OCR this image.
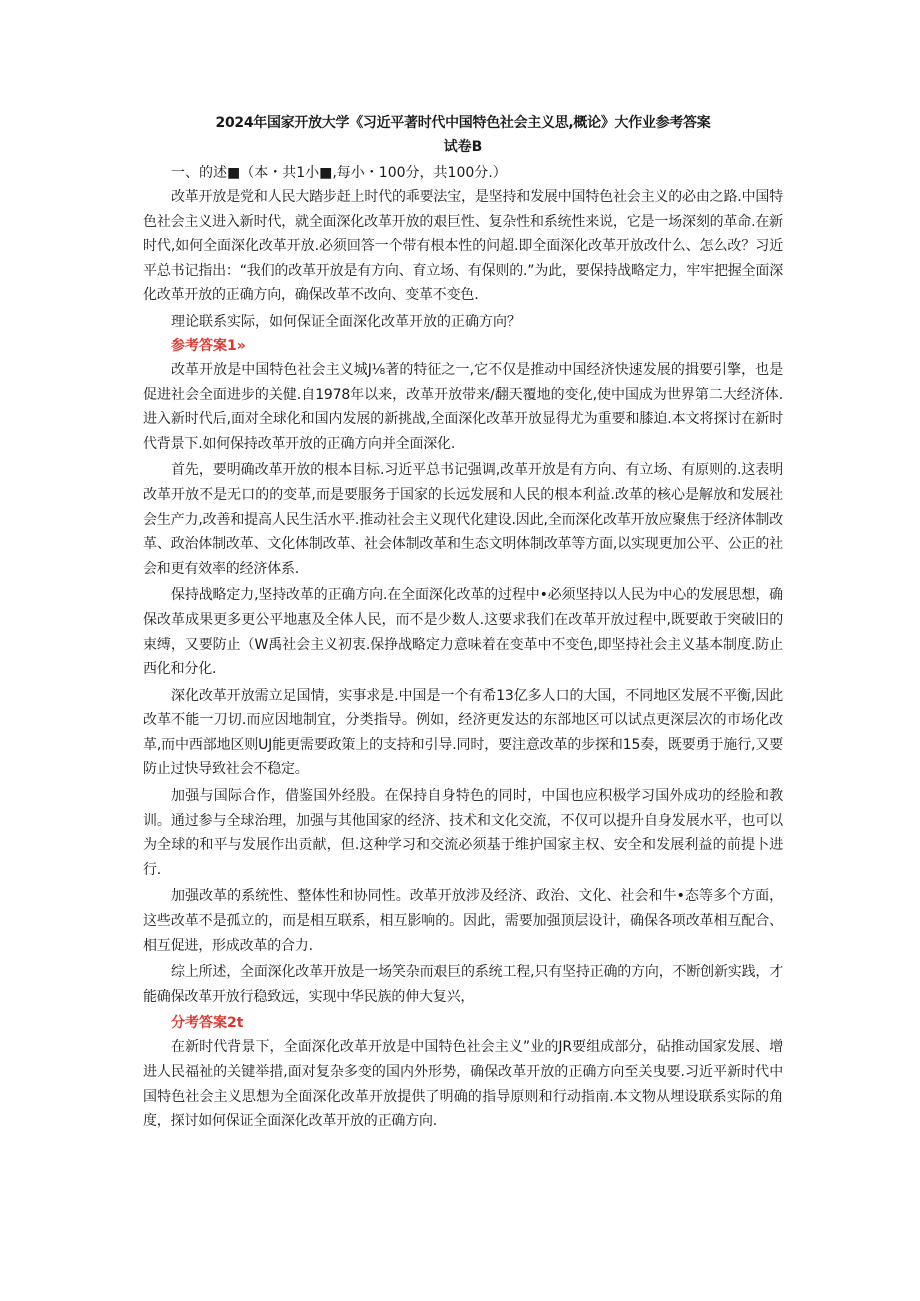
2024年国家开放大学《习近平著时代中国特色社会主义思,概论》大作业参考答案
试卷B
一、的述■（本・共1小■,每小・100分，共100分.）

改革开放是党和人民大踏步赶上时代的乖要法宝，是坚持和发展中国特色社会主义的必由之路.中国特色社会主义进入新时代，就全面深化改革开放的艰巨性、复杂性和系统性来说，它是一场深刻的革命.在新时代,如何全面深化改革开放.必须回答一个带有根本性的问超.即全面深化改革开放改什么、怎么改？习近平总书记指出：“我们的改革开放是有方向、育立场、有保则的.”为此，要保持战略定力，牢牢把握全面深化改革开放的正确方向，确保改革不改向、变革不变色.

理论联系实际，如何保证全面深化改革开放的正确方向？
参考答案1»

改革开放是中国特色社会主义城J⅛著的特征之一,它不仅是推动中国经济快速发展的揖要引擎，也是促进社会全面进步的关健.自1978年以来，改革开放带来/翻天覆地的变化,使中国成为世界第二大经济体.进入新时代后,面对全球化和国内发展的新挑战,全面深化改革开放显得尤为重要和膝迫.本文将探讨在新时代背景下.如何保持改革开放的正确方向并全面深化.

首先，要明确改革开放的根本目标.习近平总书记强调,改革开放是有方向、有立场、有原则的.这表明改革开放不是无口的的变革,而是要服务于国家的长远发展和人民的根本利益.改革的核心是解放和发展社会生产力,改善和提高人民生活水平.推动社会主义现代化建设.因此,全而深化改革开放应聚焦于经济体制改革、政治体制改革、文化体制改革、社会体制改革和生态文明体制改革等方面,以实现更加公平、公正的社会和更有效率的经济体系.

保持战略定力,坚持改革的正确方向.在全面深化改革的过程中•必须坚持以人民为中心的发展思想，确保改革成果更多更公平地惠及全体人民，而不是少数人.这要求我们在改革开放过程中,既要敢于突破旧的束缚，又要防止（W禹社会主义初衷.保挣战略定力意味着在变革中不变色,即坚持社会主义基本制度.防止西化和分化.

深化改革开放需立足国情，实事求是.中国是一个有希13亿多人口的大国，不同地区发展不平衡,因此改革不能一刀切.而应因地制宜，分类指导。例如，经济更发达的东部地区可以试点更深层次的市场化改革,而中西部地区则UJ能更需要政策上的支持和引导.同时，要注意改革的步探和15奏，既要勇于施行,又要防止过快导致社会不稳定。

加强与国际合作，借鉴国外经股。在保持自身特色的同时，中国也应积极学习国外成功的经脸和教训。通过参与全球治理，加强与其他国家的经济、技术和文化交流，不仅可以提升自身发展水平，也可以为全球的和平与发展作出贡献，但.这种学习和交流必须基于维护国家主权、安全和发展利益的前提卜进行.

加强改革的系统性、整体性和协同性。改革开放涉及经济、政治、文化、社会和牛•态等多个方面，这些改革不是孤立的，而是相互联系，相互影响的。因此，需要加强顶层设计，确保各项改革相互配合、相互促进，形成改革的合力.

综上所述，全面深化改革开放是一场笑杂而艰巨的系统工程,只有坚持正确的方向，不断创新实践，才能确保改革开放行稳致远，实现中华民族的伸大复兴，

分考答案2t

在新时代背景下，全面深化改革开放是中国特色社会主义”业的JR要组成部分，砧推动国家发展、增进人民福祉的关键举措,面对复杂多变的国内外形势，确保改革开放的正确方向至关曳要.习近平新时代中国特色社会主义思想为全面深化改革开放提供了明确的指导原则和行动指南.本文物从埋设联系实际的角度，探讨如何保证全面深化改革开放的正确方向.
